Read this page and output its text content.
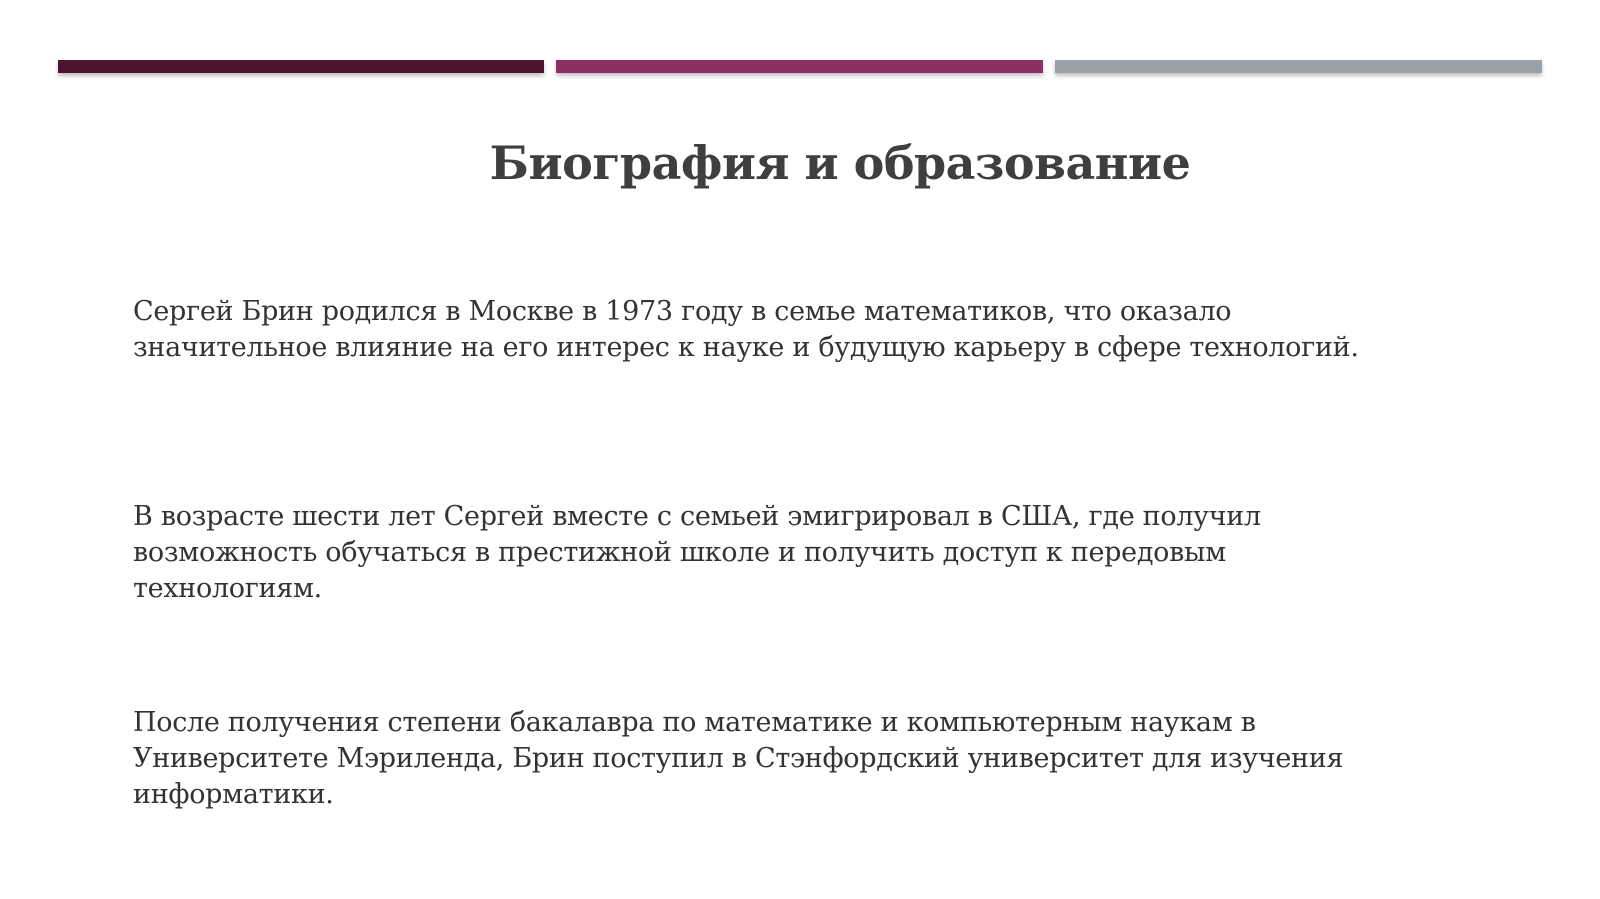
Биография и образование

Сергей Брин родился в Москве в 1973 году в семье математиков, что оказало
значительное влияние на его интерес к науке и будущую карьеру в сфере технологий.

В возрасте шести лет Сергей вместе с семьей эмигрировал в США, где получил
возможность обучаться в престижной школе и получить доступ к передовым
технологиям.

После получения степени бакалавра по математике и компьютерным наукам в
Университете Мэриленда, Брин поступил в Стэнфордский университет для изучения
информатики.
